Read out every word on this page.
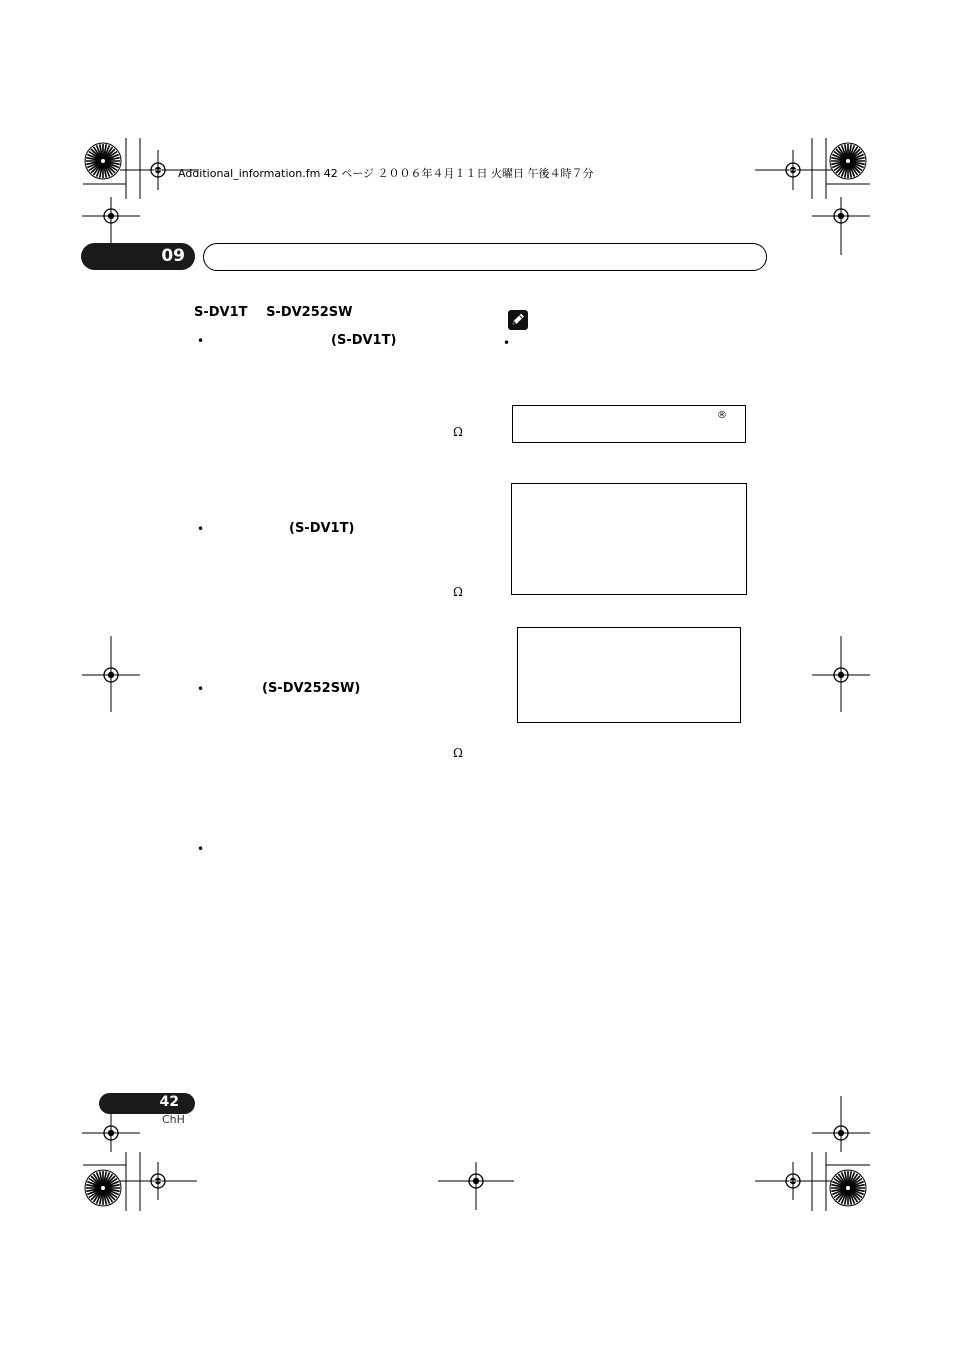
Additional_information.fm 42 ページ ２００６年４月１１日 火曜日 午後４時７分
09
S-DV1T S-DV252SW
•	(S-DV1T)
Ω
•	(S-DV1T)
Ω
•	(S-DV252SW)
Ω
•
•
®
42
ChH
